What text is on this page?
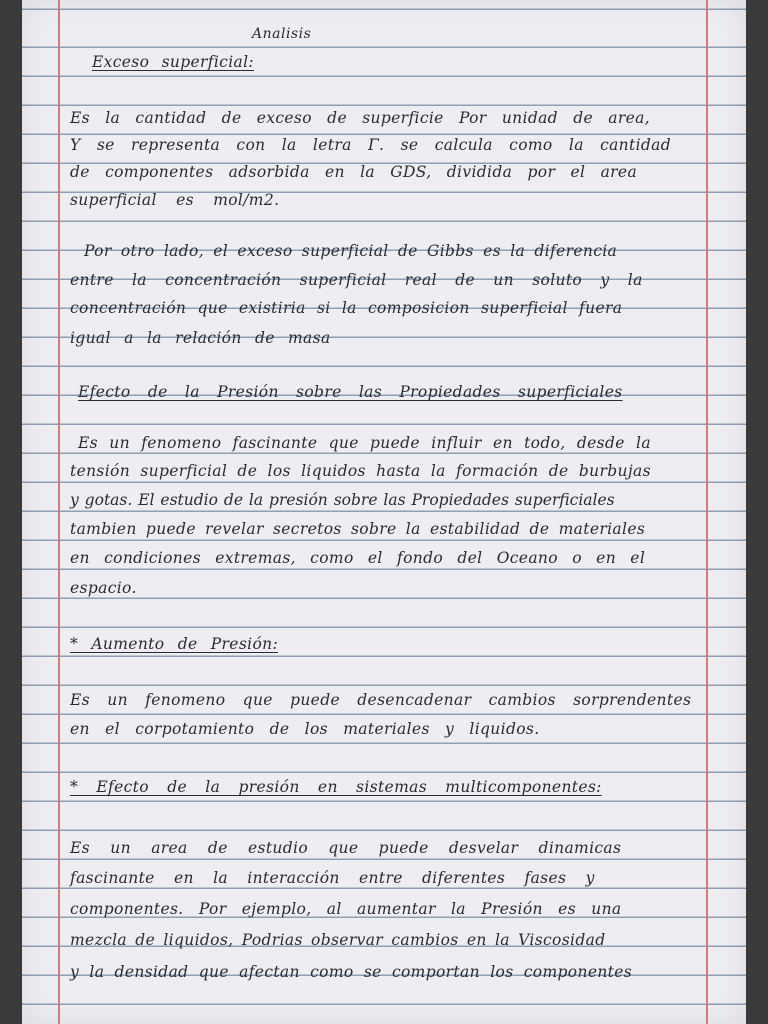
Analisis
Exceso superficial:
Es la cantidad de exceso de superficie Por unidad de area,
Y se representa con la letra Γ. se calcula como la cantidad
de componentes adsorbida en la GDS, dividida por el area
superficial es mol/m2.
Por otro lado, el exceso superficial de Gibbs es la diferencia
entre la concentración superficial real de un soluto y la
concentración que existiria si la composicion superficial fuera
igual a la relación de masa
Efecto de la Presión sobre las Propiedades superficiales
Es un fenomeno fascinante que puede influir en todo, desde la
tensión superficial de los liquidos hasta la formación de burbujas
y gotas. El estudio de la presión sobre las Propiedades superficiales
tambien puede revelar secretos sobre la estabilidad de materiales
en condiciones extremas, como el fondo del Oceano o en el
espacio.
* Aumento de Presión:
Es un fenomeno que puede desencadenar cambios sorprendentes
en el corpotamiento de los materiales y liquidos.
* Efecto de la presión en sistemas multicomponentes:
Es un area de estudio que puede desvelar dinamicas
fascinante en la interacción entre diferentes fases y
componentes. Por ejemplo, al aumentar la Presión es una
mezcla de liquidos, Podrias observar cambios en la Viscosidad
y la densidad que afectan como se comportan los componentes
